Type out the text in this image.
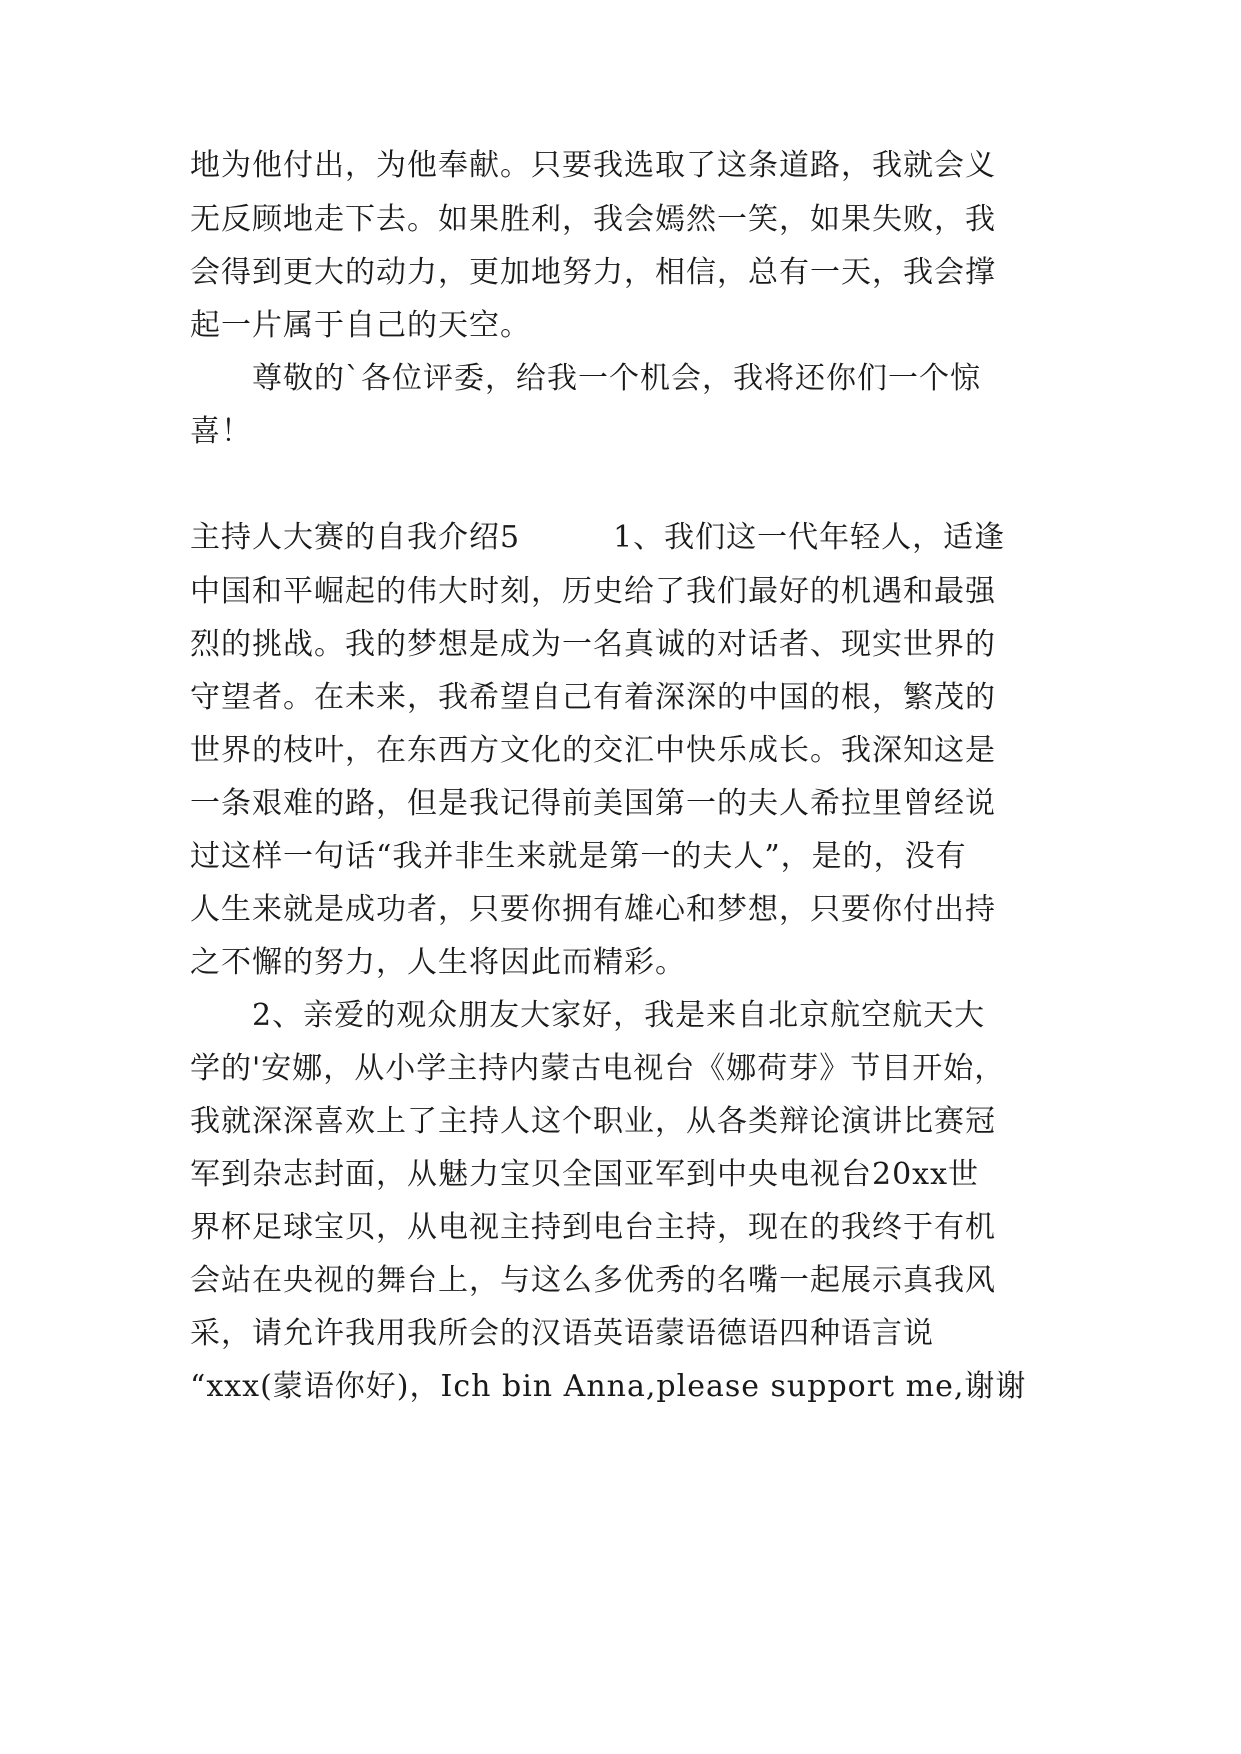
地为他付出，为他奉献。只要我选取了这条道路，我就会义
无反顾地走下去。如果胜利，我会嫣然一笑，如果失败，我
会得到更大的动力，更加地努力，相信，总有一天，我会撑
起一片属于自己的天空。
　　尊敬的`各位评委，给我一个机会，我将还你们一个惊
喜！
主持人大赛的自我介绍5　　　1、我们这一代年轻人，适逢
中国和平崛起的伟大时刻，历史给了我们最好的机遇和最强
烈的挑战。我的梦想是成为一名真诚的对话者、现实世界的
守望者。在未来，我希望自己有着深深的中国的根，繁茂的
世界的枝叶，在东西方文化的交汇中快乐成长。我深知这是
一条艰难的路，但是我记得前美国第一的夫人希拉里曾经说
过这样一句话“我并非生来就是第一的夫人”，是的，没有
人生来就是成功者，只要你拥有雄心和梦想，只要你付出持
之不懈的努力，人生将因此而精彩。
　　2、亲爱的观众朋友大家好，我是来自北京航空航天大
学的'安娜，从小学主持内蒙古电视台《娜荷芽》节目开始，
我就深深喜欢上了主持人这个职业，从各类辩论演讲比赛冠
军到杂志封面，从魅力宝贝全国亚军到中央电视台20xx世
界杯足球宝贝，从电视主持到电台主持，现在的我终于有机
会站在央视的舞台上，与这么多优秀的名嘴一起展示真我风
采，请允许我用我所会的汉语英语蒙语德语四种语言说
“xxx(蒙语你好)，Ich bin Anna,please support me,谢谢
